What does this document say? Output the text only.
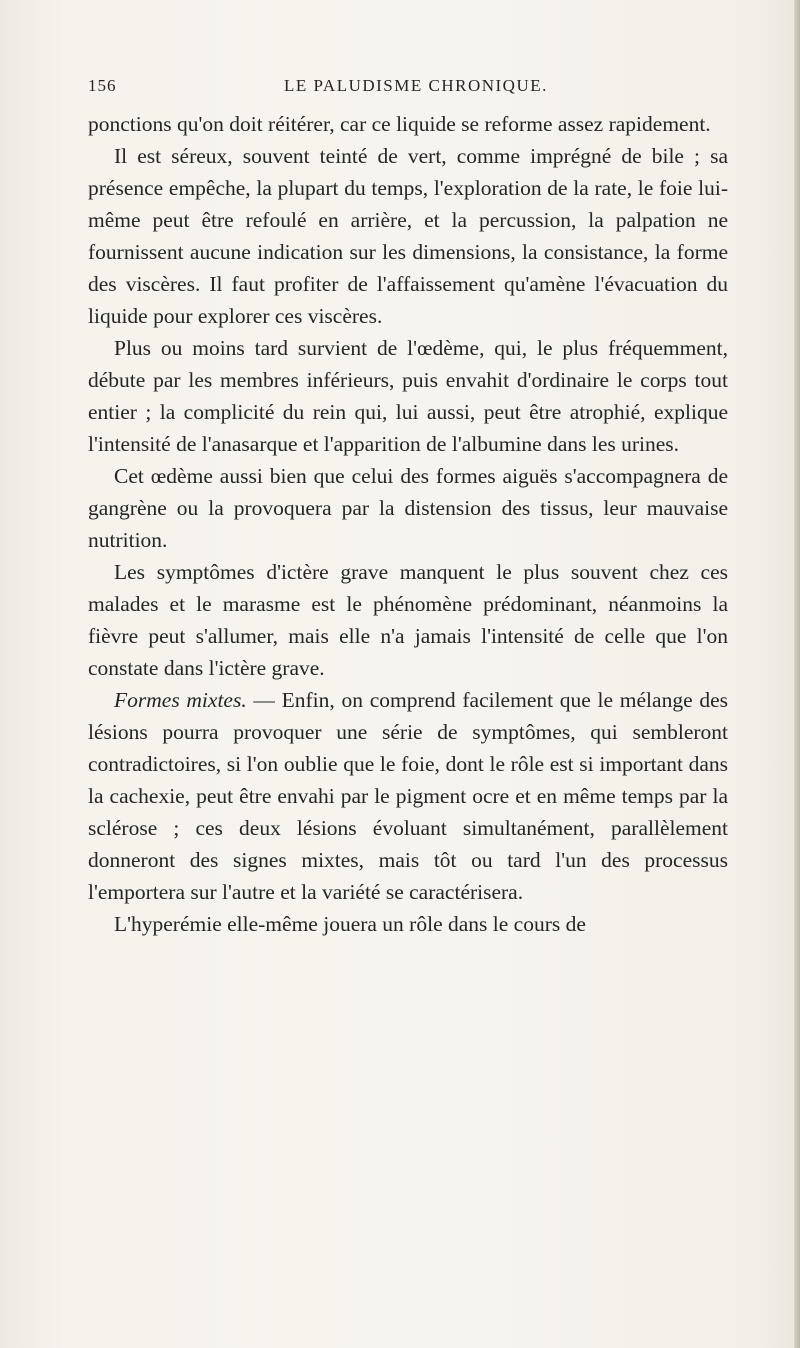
156	LE PALUDISME CHRONIQUE.

ponctions qu'on doit réitérer, car ce liquide se reforme assez rapidement.

Il est séreux, souvent teinté de vert, comme imprégné de bile ; sa présence empêche, la plupart du temps, l'exploration de la rate, le foie lui-même peut être refoulé en arrière, et la percussion, la palpation ne fournissent aucune indication sur les dimensions, la consistance, la forme des viscères. Il faut profiter de l'affaissement qu'amène l'évacuation du liquide pour explorer ces viscères.

Plus ou moins tard survient de l'œdème, qui, le plus fréquemment, débute par les membres inférieurs, puis envahit d'ordinaire le corps tout entier ; la complicité du rein qui, lui aussi, peut être atrophié, explique l'intensité de l'anasarque et l'apparition de l'albumine dans les urines.

Cet œdème aussi bien que celui des formes aiguës s'accompagnera de gangrène ou la provoquera par la distension des tissus, leur mauvaise nutrition.

Les symptômes d'ictère grave manquent le plus souvent chez ces malades et le marasme est le phénomène prédominant, néanmoins la fièvre peut s'allumer, mais elle n'a jamais l'intensité de celle que l'on constate dans l'ictère grave.

Formes mixtes. — Enfin, on comprend facilement que le mélange des lésions pourra provoquer une série de symptômes, qui sembleront contradictoires, si l'on oublie que le foie, dont le rôle est si important dans la cachexie, peut être envahi par le pigment ocre et en même temps par la sclérose ; ces deux lésions évoluant simultanément, parallèlement donneront des signes mixtes, mais tôt ou tard l'un des processus l'emportera sur l'autre et la variété se caractérisera.

L'hyperémie elle-même jouera un rôle dans le cours de
